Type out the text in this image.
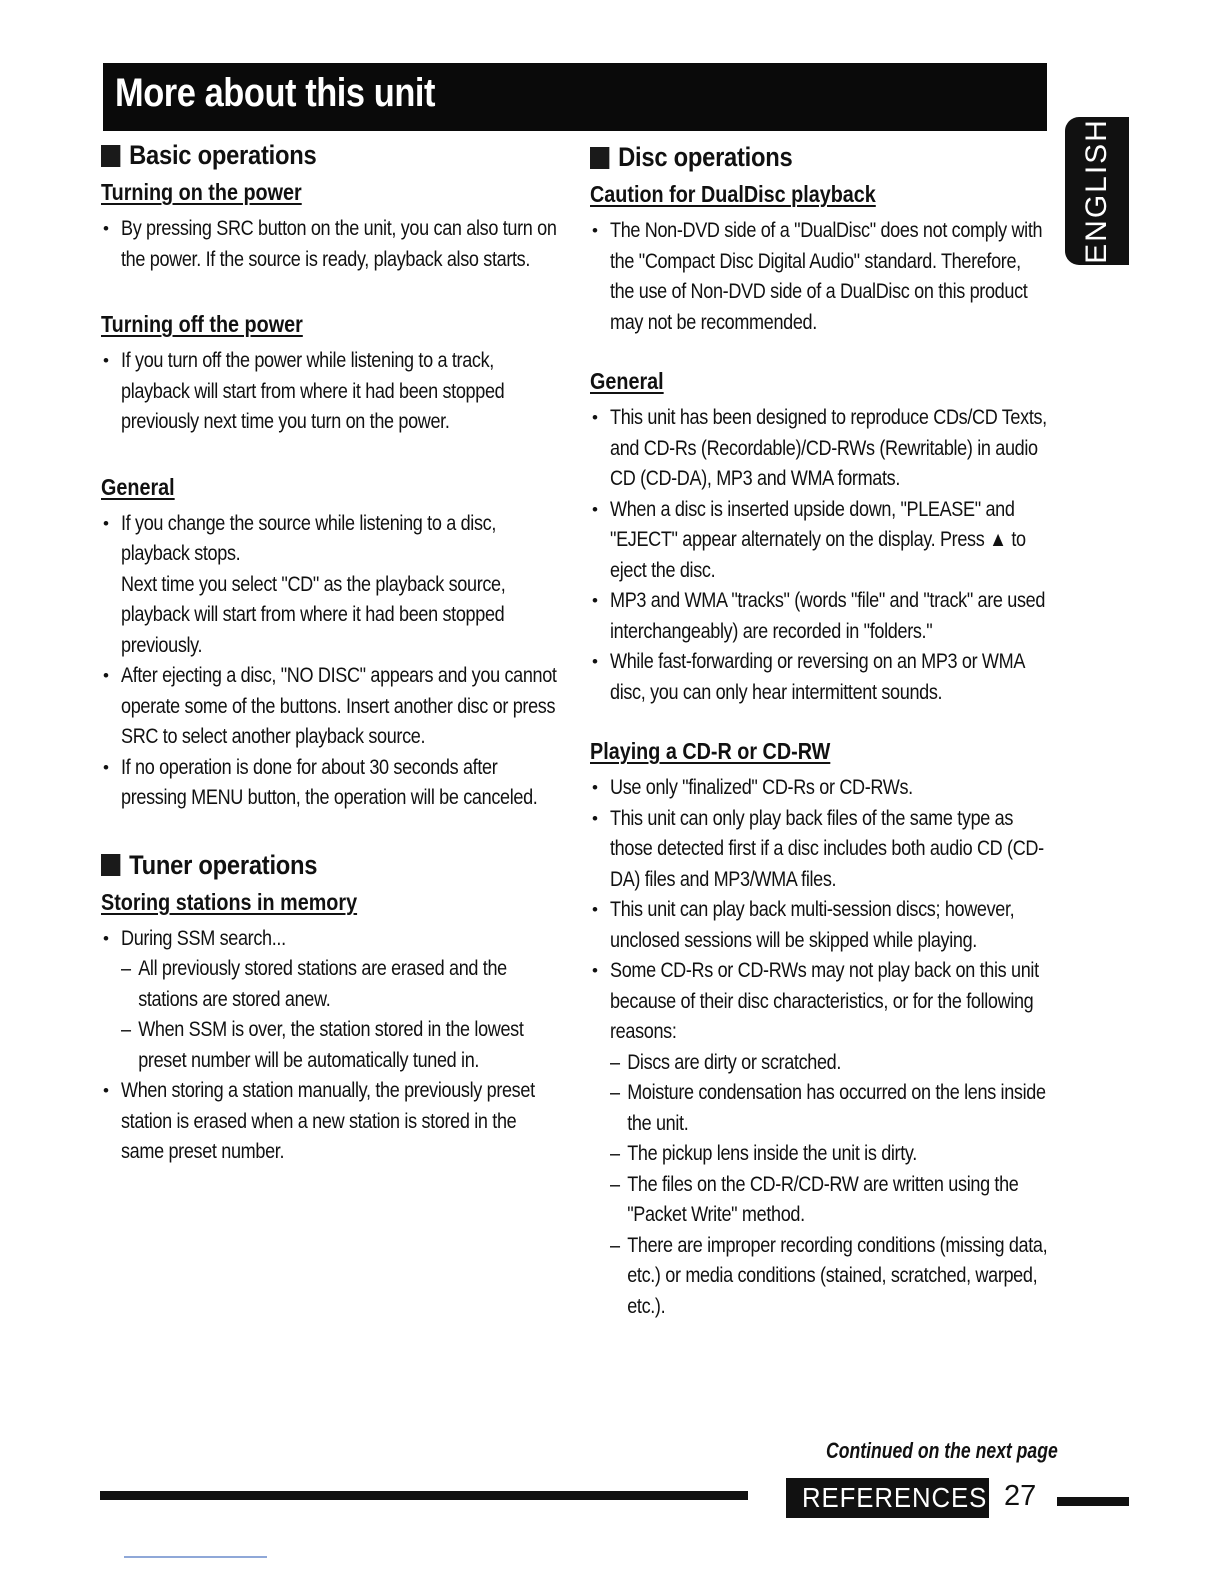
More about this unit
ENGLISH
Basic operations
Turning on the power
• By pressing SRC button on the unit, you can also turn on the power. If the source is ready, playback also starts.
Turning off the power
• If you turn off the power while listening to a track, playback will start from where it had been stopped previously next time you turn on the power.
General
• If you change the source while listening to a disc, playback stops.
Next time you select "CD" as the playback source, playback will start from where it had been stopped previously.
• After ejecting a disc, "NO DISC" appears and you cannot operate some of the buttons. Insert another disc or press SRC to select another playback source.
• If no operation is done for about 30 seconds after pressing MENU button, the operation will be canceled.
Tuner operations
Storing stations in memory
• During SSM search...
– All previously stored stations are erased and the stations are stored anew.
– When SSM is over, the station stored in the lowest preset number will be automatically tuned in.
• When storing a station manually, the previously preset station is erased when a new station is stored in the same preset number.
Disc operations
Caution for DualDisc playback
• The Non-DVD side of a "DualDisc" does not comply with the "Compact Disc Digital Audio" standard. Therefore, the use of Non-DVD side of a DualDisc on this product may not be recommended.
General
• This unit has been designed to reproduce CDs/CD Texts, and CD-Rs (Recordable)/CD-RWs (Rewritable) in audio CD (CD-DA), MP3 and WMA formats.
• When a disc is inserted upside down, "PLEASE" and "EJECT" appear alternately on the display. Press ▲ to eject the disc.
• MP3 and WMA "tracks" (words "file" and "track" are used interchangeably) are recorded in "folders."
• While fast-forwarding or reversing on an MP3 or WMA disc, you can only hear intermittent sounds.
Playing a CD-R or CD-RW
• Use only "finalized" CD-Rs or CD-RWs.
• This unit can only play back files of the same type as those detected first if a disc includes both audio CD (CD-DA) files and MP3/WMA files.
• This unit can play back multi-session discs; however, unclosed sessions will be skipped while playing.
• Some CD-Rs or CD-RWs may not play back on this unit because of their disc characteristics, or for the following reasons:
– Discs are dirty or scratched.
– Moisture condensation has occurred on the lens inside the unit.
– The pickup lens inside the unit is dirty.
– The files on the CD-R/CD-RW are written using the "Packet Write" method.
– There are improper recording conditions (missing data, etc.) or media conditions (stained, scratched, warped, etc.).
Continued on the next page
REFERENCES 27
